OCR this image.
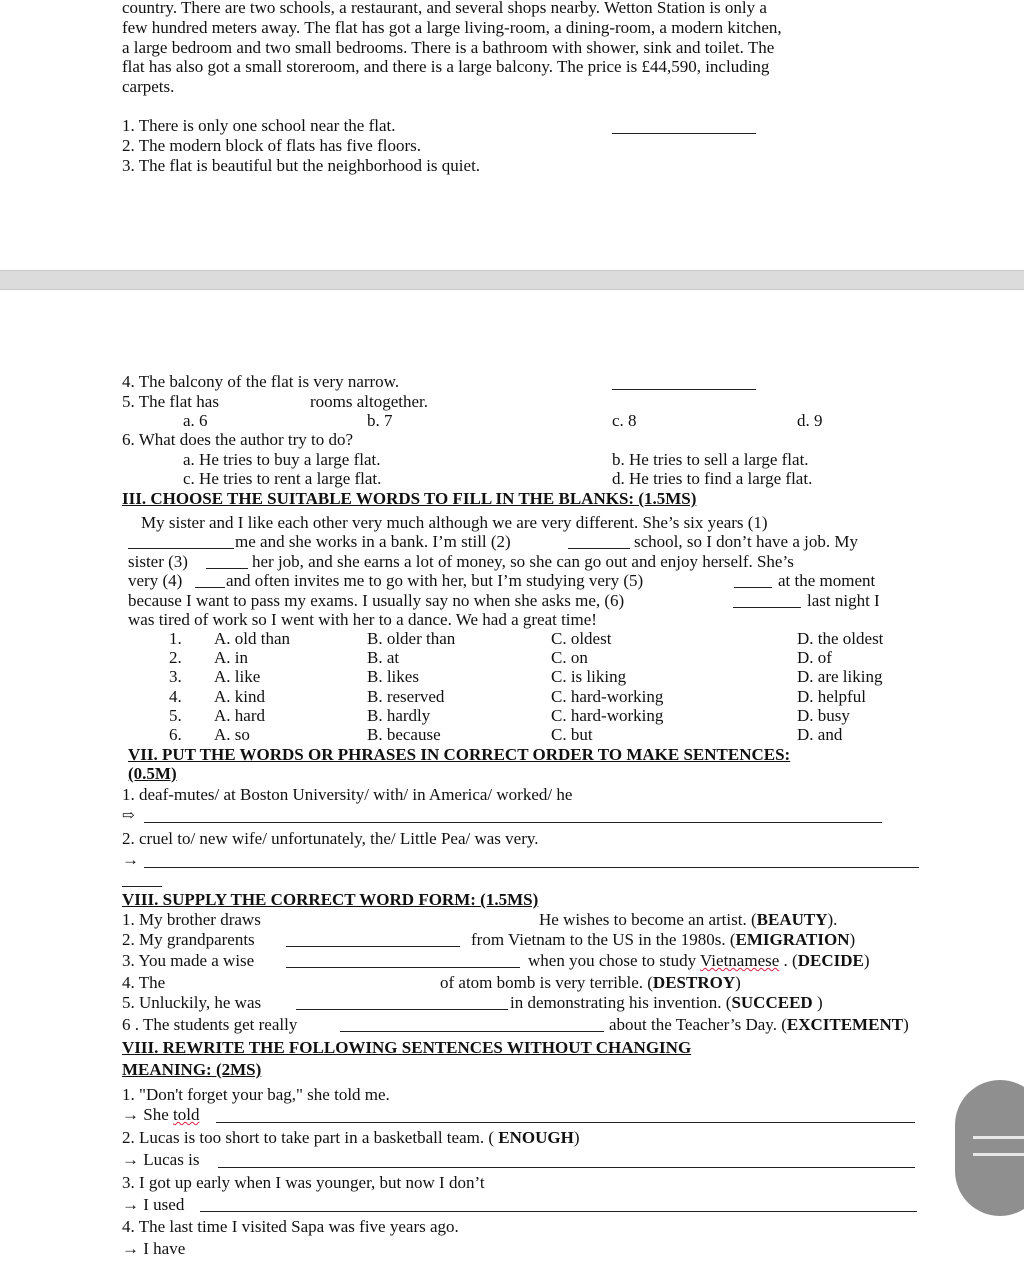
country. There are two schools, a restaurant, and several shops nearby. Wetton Station is only a
few hundred meters away. The flat has got a large living-room, a dining-room, a modern kitchen,
a large bedroom and two small bedrooms. There is a bathroom with shower, sink and toilet. The
flat has also got a small storeroom, and there is a large balcony. The price is £44,590, including
carpets.
1. There is only one school near the flat.
2. The modern block of flats has five floors.
3. The flat is beautiful but the neighborhood is quiet.
4. The balcony of the flat is very narrow.
5. The flat has	rooms altogether.
a. 6	b. 7	c. 8	d. 9
6. What does the author try to do?
a. He tries to buy a large flat.	b. He tries to sell a large flat.
c. He tries to rent a large flat.	d. He tries to find a large flat.
III. CHOOSE THE SUITABLE WORDS TO FILL IN THE BLANKS: (1.5MS)
My sister and I like each other very much although we are very different. She’s six years (1)
me and she works in a bank. I’m still (2)	school, so I don’t have a job. My
sister (3)	her job, and she earns a lot of money, so she can go out and enjoy herself. She’s
very (4)	and often invites me to go with her, but I’m studying very (5)	at the moment
because I want to pass my exams. I usually say no when she asks me, (6)	last night I
was tired of work so I went with her to a dance. We had a great time!
1. A. old than	B. older than	C. oldest	D. the oldest
2. A. in	B. at	C. on	D. of
3. A. like	B. likes	C. is liking	D. are liking
4. A. kind	B. reserved	C. hard-working	D. helpful
5. A. hard	B. hardly	C. hard-working	D. busy
6. A. so	B. because	C. but	D. and
VII. PUT THE WORDS OR PHRASES IN CORRECT ORDER TO MAKE SENTENCES:
(0.5M)
1. deaf-mutes/ at Boston University/ with/ in America/ worked/ he
⇨
2. cruel to/ new wife/ unfortunately, the/ Little Pea/ was very.
→
VIII. SUPPLY THE CORRECT WORD FORM: (1.5MS)
1. My brother draws	He wishes to become an artist. (BEAUTY).
2. My grandparents	from Vietnam to the US in the 1980s. (EMIGRATION)
3. You made a wise	when you chose to study Vietnamese . (DECIDE)
4. The	of atom bomb is very terrible. (DESTROY)
5. Unluckily, he was	in demonstrating his invention. (SUCCEED )
6 . The students get really	about the Teacher’s Day. (EXCITEMENT)
VIII. REWRITE THE FOLLOWING SENTENCES WITHOUT CHANGING
MEANING: (2MS)
1. "Don't forget your bag," she told me.
→ She told
2. Lucas is too short to take part in a basketball team. ( ENOUGH)
→ Lucas is
3. I got up early when I was younger, but now I don’t
→ I used
4. The last time I visited Sapa was five years ago.
→ I have
